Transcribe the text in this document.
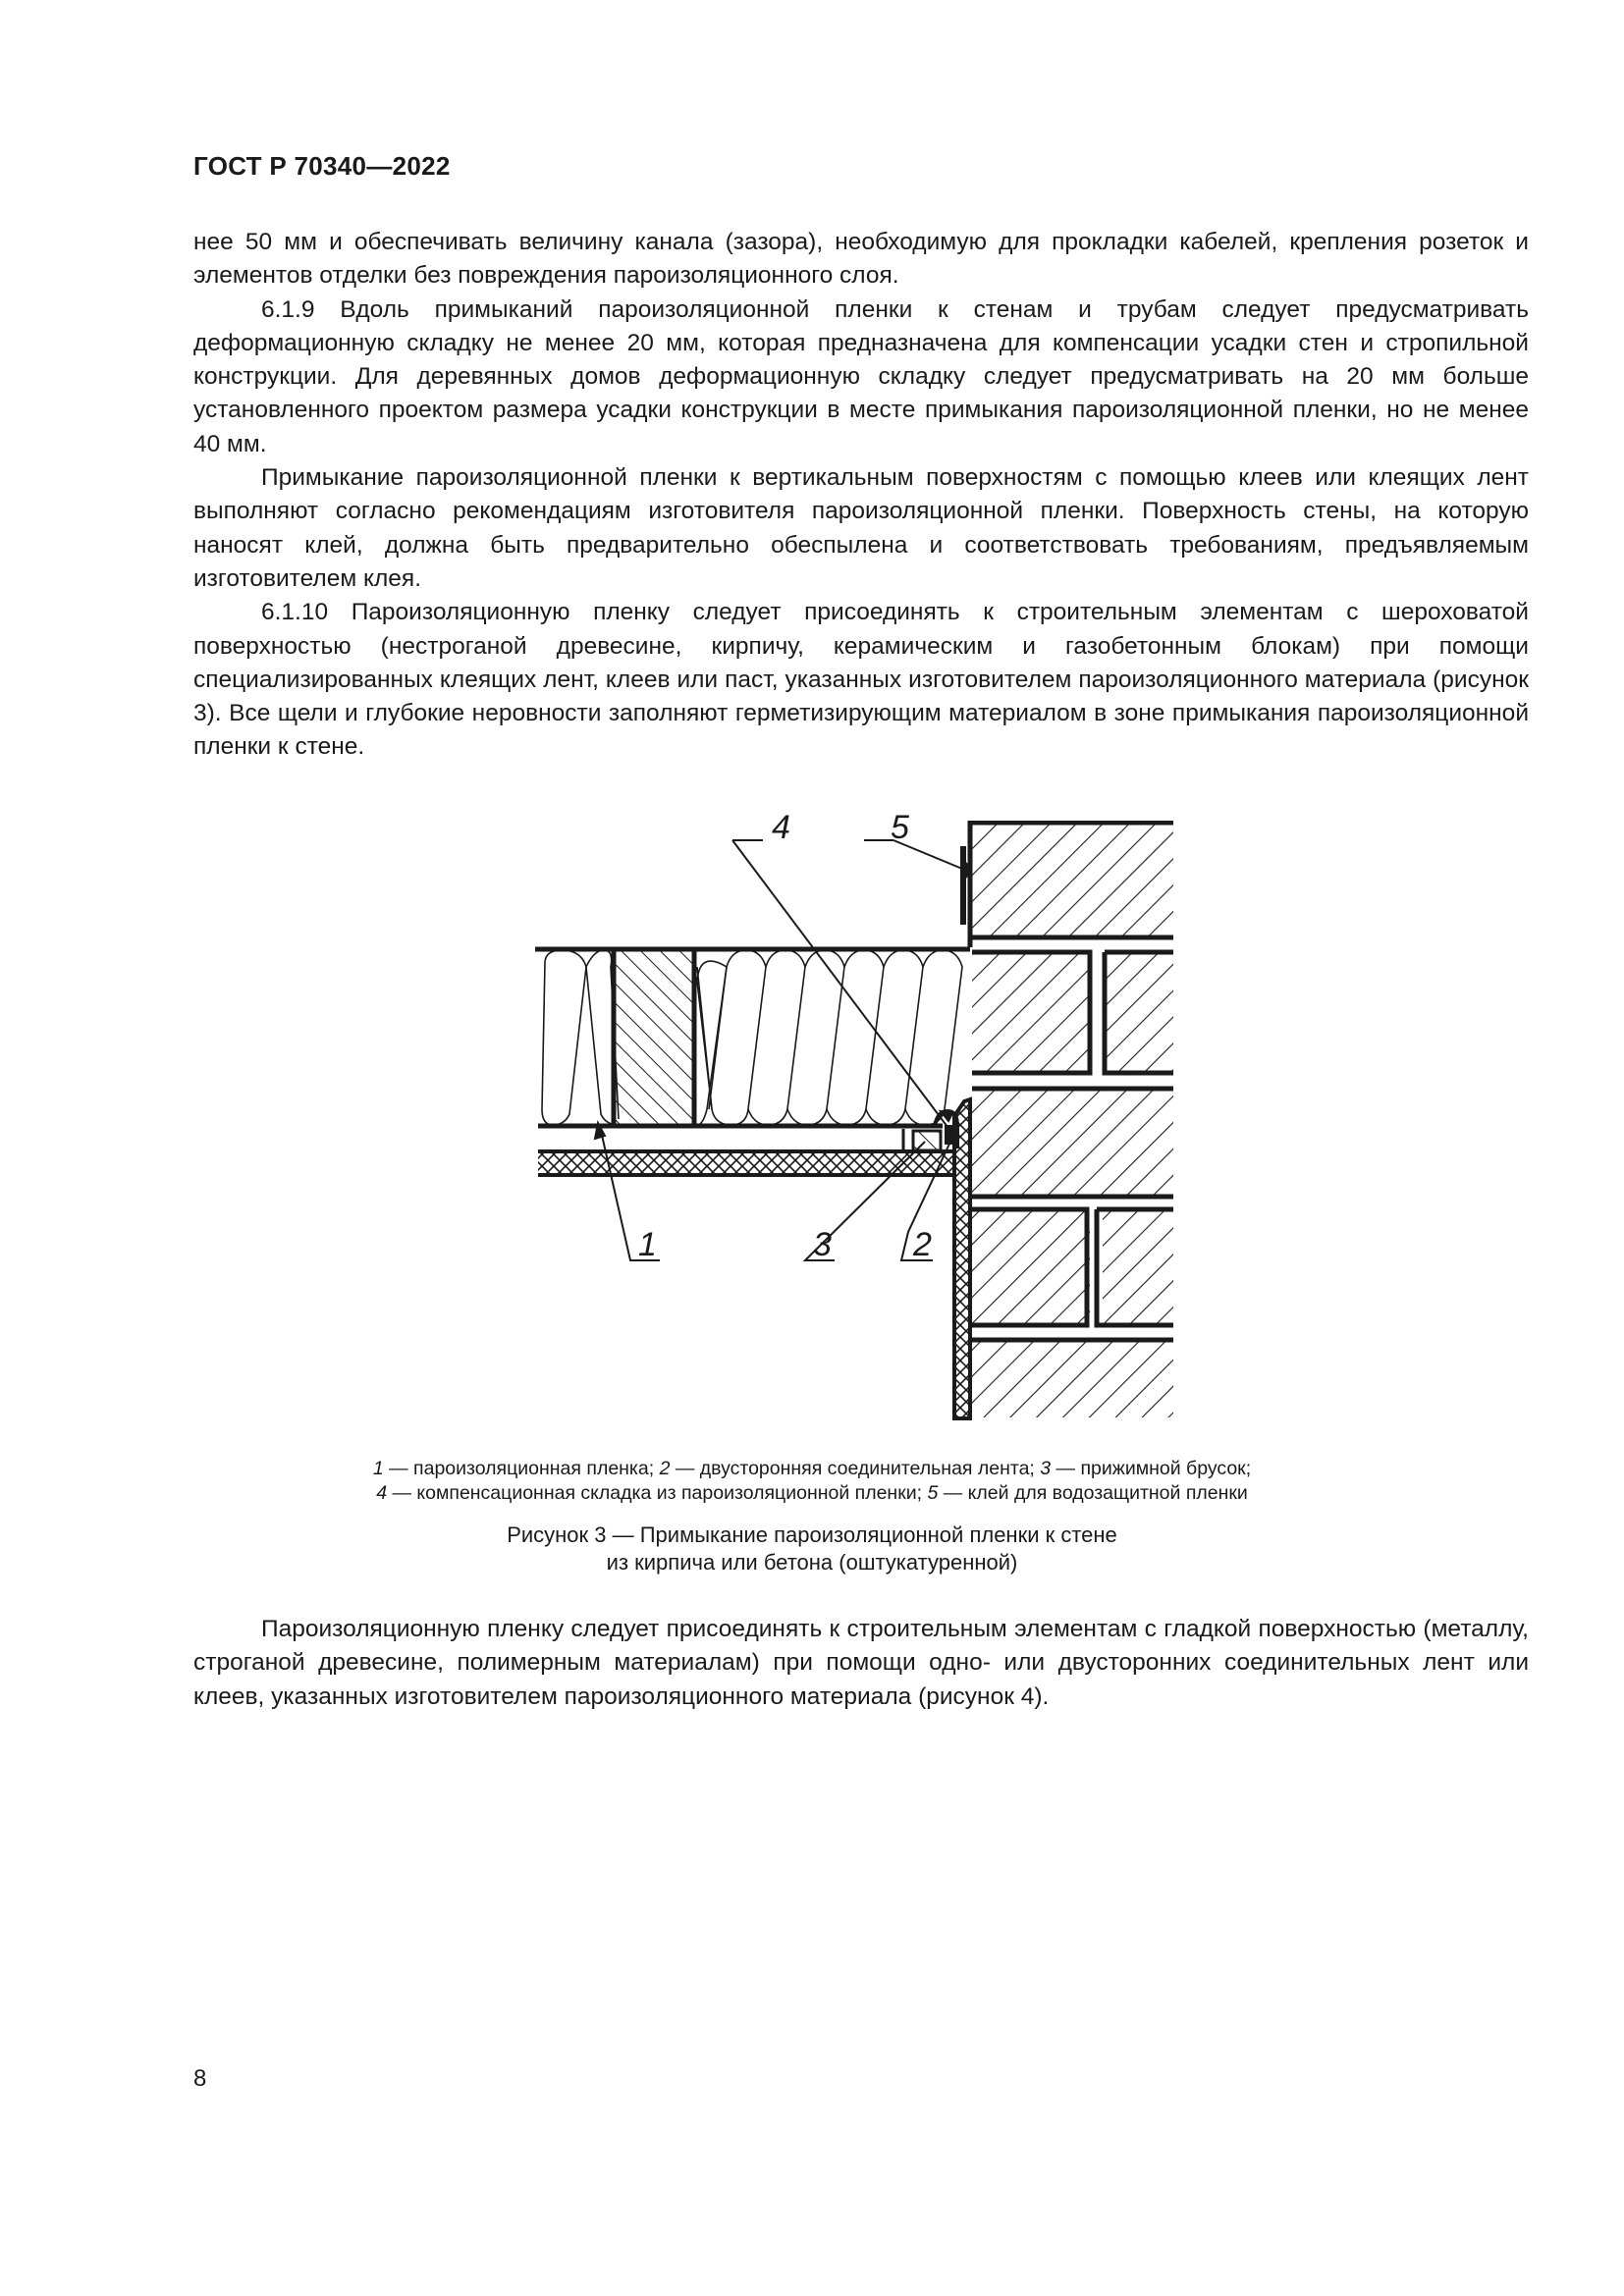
ГОСТ Р 70340—2022

нее 50 мм и обеспечивать величину канала (зазора), необходимую для прокладки кабелей, крепления розеток и элементов отделки без повреждения пароизоляционного слоя.

6.1.9 Вдоль примыканий пароизоляционной пленки к стенам и трубам следует предусматривать деформационную складку не менее 20 мм, которая предназначена для компенсации усадки стен и стропильной конструкции. Для деревянных домов деформационную складку следует предусматривать на 20 мм больше установленного проектом размера усадки конструкции в месте примыкания пароизоляционной пленки, но не менее 40 мм.

Примыкание пароизоляционной пленки к вертикальным поверхностям с помощью клеев или клеящих лент выполняют согласно рекомендациям изготовителя пароизоляционной пленки. Поверхность стены, на которую наносят клей, должна быть предварительно обеспылена и соответствовать требованиям, предъявляемым изготовителем клея.

6.1.10 Пароизоляционную пленку следует присоединять к строительным элементам с шероховатой поверхностью (нестроганой древесине, кирпичу, керамическим и газобетонным блокам) при помощи специализированных клеящих лент, клеев или паст, указанных изготовителем пароизоляционного материала (рисунок 3). Все щели и глубокие неровности заполняют герметизирующим материалом в зоне примыкания пароизоляционной пленки к стене.

4	5
1	3 2
1 — пароизоляционная пленка; 2 — двусторонняя соединительная лента; 3 — прижимной брусок;
4 — компенсационная складка из пароизоляционной пленки; 5 — клей для водозащитной пленки
Рисунок 3 — Примыкание пароизоляционной пленки к стене
из кирпича или бетона (оштукатуренной)

Пароизоляционную пленку следует присоединять к строительным элементам с гладкой поверхностью (металлу, строганой древесине, полимерным материалам) при помощи одно- или двусторонних соединительных лент или клеев, указанных изготовителем пароизоляционного материала (рисунок 4).

8
